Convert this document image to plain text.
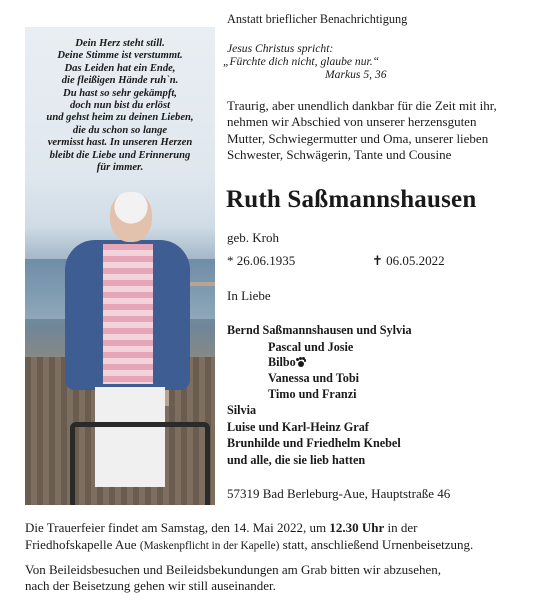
Dein Herz steht still.
Deine Stimme ist verstummt.
Das Leiden hat ein Ende,
die fleißigen Hände ruh`n.
Du hast so sehr gekämpft,
doch nun bist du erlöst
und gehst heim zu deinen Lieben,
die du schon so lange
vermisst hast. In unseren Herzen
bleibt die Liebe und Erinnerung
für immer.
Anstatt brieflicher Benachrichtigung
Jesus Christus spricht:
„Fürchte dich nicht, glaube nur.“
Markus 5, 36
Traurig, aber unendlich dankbar für die Zeit mit ihr,
nehmen wir Abschied von unserer herzensguten
Mutter, Schwiegermutter und Oma, unserer lieben
Schwester, Schwägerin, Tante und Cousine
Ruth Saßmannshausen
geb. Kroh
* 26.06.1935	✝ 06.05.2022
In Liebe
Bernd Saßmannshausen und Sylvia
Pascal und Josie
Bilbo
Vanessa und Tobi
Timo und Franzi
Silvia
Luise und Karl-Heinz Graf
Brunhilde und Friedhelm Knebel
und alle, die sie lieb hatten
57319 Bad Berleburg-Aue, Hauptstraße 46
Die Trauerfeier findet am Samstag, den 14. Mai 2022, um 12.30 Uhr in der
Friedhofskapelle Aue (Maskenpflicht in der Kapelle) statt, anschließend Urnenbeisetzung.
Von Beileidsbesuchen und Beileidsbekundungen am Grab bitten wir abzusehen,
nach der Beisetzung gehen wir still auseinander.
